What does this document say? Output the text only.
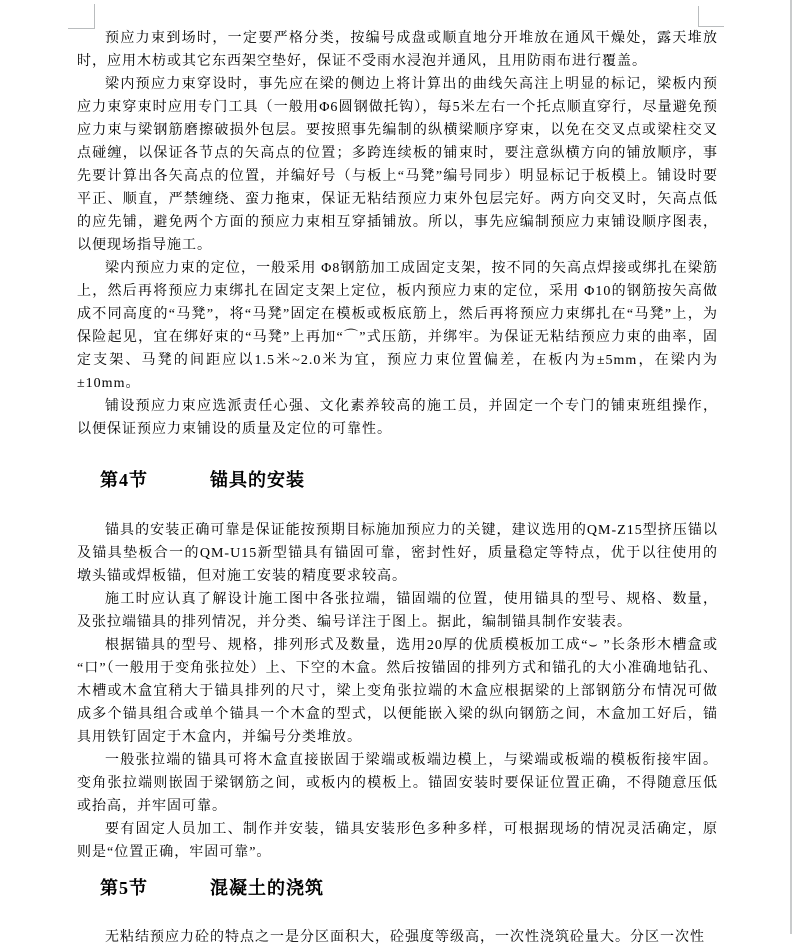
预应力束到场时，一定要严格分类，按编号成盘或顺直地分开堆放在通风干燥处，露天堆放时，应用木枋或其它东西架空垫好，保证不受雨水浸泡并通风，且用防雨布进行覆盖。

梁内预应力束穿设时，事先应在梁的侧边上将计算出的曲线矢高注上明显的标记，梁板内预应力束穿束时应用专门工具（一般用Φ6圆钢做托钩），每5米左右一个托点顺直穿行，尽量避免预应力束与梁钢筋磨擦破损外包层。要按照事先编制的纵横梁顺序穿束，以免在交叉点或梁柱交叉点碰缠，以保证各节点的矢高点的位置；多跨连续板的铺束时，要注意纵横方向的铺放顺序，事先要计算出各矢高点的位置，并编好号（与板上“马凳”编号同步）明显标记于板模上。铺设时要平正、顺直，严禁缠绕、蛮力拖束，保证无粘结预应力束外包层完好。两方向交叉时，矢高点低的应先铺，避免两个方面的预应力束相互穿插铺放。所以，事先应编制预应力束铺设顺序图表，以便现场指导施工。

梁内预应力束的定位，一般采用 Φ8钢筋加工成固定支架，按不同的矢高点焊接或绑扎在梁筋上，然后再将预应力束绑扎在固定支架上定位，板内预应力束的定位，采用 Φ10的钢筋按矢高做成不同高度的“马凳”，将“马凳”固定在模板或板底筋上，然后再将预应力束绑扎在“马凳”上，为保险起见，宜在绑好束的“马凳”上再加“⌒”式压筋，并绑牢。为保证无粘结预应力束的曲率，固定支架、马凳的间距应以1.5米~2.0米为宜，预应力束位置偏差，在板内为±5mm，在梁内为±10mm。

铺设预应力束应选派责任心强、文化素养较高的施工员，并固定一个专门的铺束班组操作，以便保证预应力束铺设的质量及定位的可靠性。

第4节	锚具的安装

锚具的安装正确可靠是保证能按预期目标施加预应力的关键，建议选用的QM-Z15型挤压锚以及锚具垫板合一的QM-U15新型锚具有锚固可靠，密封性好，质量稳定等特点，优于以往使用的墩头锚或焊板锚，但对施工安装的精度要求较高。

施工时应认真了解设计施工图中各张拉端，锚固端的位置，使用锚具的型号、规格、数量，及张拉端锚具的排列情况，并分类、编号详注于图上。据此，编制锚具制作安装表。

根据锚具的型号、规格，排列形式及数量，选用20厚的优质模板加工成“⌣ ”长条形木槽盒或“口”（一般用于变角张拉处）上、下空的木盒。然后按锚固的排列方式和锚孔的大小准确地钻孔、木槽或木盒宜稍大于锚具排列的尺寸，梁上变角张拉端的木盒应根据梁的上部钢筋分布情况可做成多个锚具组合或单个锚具一个木盒的型式，以便能嵌入梁的纵向钢筋之间，木盒加工好后，锚具用铁钉固定于木盒内，并编号分类堆放。

一般张拉端的锚具可将木盒直接嵌固于梁端或板端边模上，与梁端或板端的模板衔接牢固。变角张拉端则嵌固于梁钢筋之间，或板内的模板上。锚固安装时要保证位置正确，不得随意压低或抬高，并牢固可靠。

要有固定人员加工、制作并安装，锚具安装形色多种多样，可根据现场的情况灵活确定，原则是“位置正确，牢固可靠”。

第5节	混凝土的浇筑

无粘结预应力砼的特点之一是分区面积大，砼强度等级高，一次性浇筑砼量大。分区一次性
